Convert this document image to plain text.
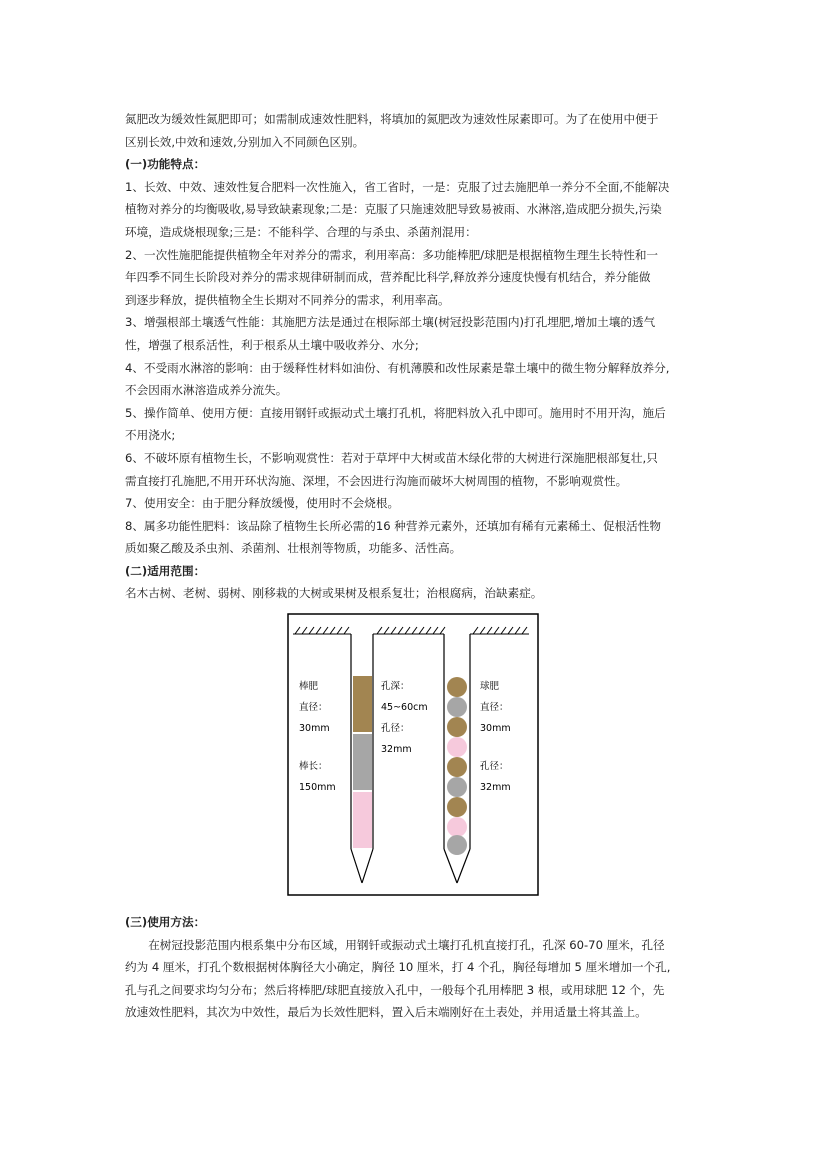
氮肥改为缓效性氮肥即可；如需制成速效性肥料，将填加的氮肥改为速效性尿素即可。为了在使用中便于

区别长效,中效和速效,分别加入不同颜色区别。

(一)功能特点：

1、长效、中效、速效性复合肥料一次性施入，省工省时，一是：克服了过去施肥单一养分不全面,不能解决

植物对养分的均衡吸收,易导致缺素现象;二是：克服了只施速效肥导致易被雨、水淋溶,造成肥分损失,污染

环境，造成烧根现象;三是：不能科学、合理的与杀虫、杀菌剂混用：

2、一次性施肥能提供植物全年对养分的需求，利用率高：多功能棒肥/球肥是根据植物生理生长特性和一

年四季不同生长阶段对养分的需求规律研制而成，营养配比科学,释放养分速度快慢有机结合，养分能做

到逐步释放，提供植物全生长期对不同养分的需求，利用率高。

3、增强根部土壤透气性能：其施肥方法是通过在根际部土壤(树冠投影范围内)打孔埋肥,增加土壤的透气

性，增强了根系活性，利于根系从土壤中吸收养分、水分;

4、不受雨水淋溶的影响：由于缓释性材料如油份、有机薄膜和改性尿素是靠土壤中的微生物分解释放养分,

不会因雨水淋溶造成养分流失。

5、操作简单、使用方便：直接用钢钎或振动式土壤打孔机，将肥料放入孔中即可。施用时不用开沟，施后

不用浇水;

6、不破坏原有植物生长，不影响观赏性：若对于草坪中大树或苗木绿化带的大树进行深施肥根部复壮,只

需直接打孔施肥,不用开环状沟施、深埋，不会因进行沟施而破坏大树周围的植物，不影响观赏性。

7、使用安全：由于肥分释放缓慢，使用时不会烧根。

8、属多功能性肥料：该品除了植物生长所必需的16 种营养元素外，还填加有稀有元素稀土、促根活性物

质如聚乙酸及杀虫剂、杀菌剂、壮根剂等物质，功能多、活性高。

(二)适用范围：

名木古树、老树、弱树、刚移栽的大树或果树及根系复壮；治根腐病，治缺素症。

棒肥
直径：
30mm
棒长：
150mm
孔深：
45~60cm
孔径：
32mm
球肥
直径：
30mm
孔径：
32mm

(三)使用方法：

在树冠投影范围内根系集中分布区域，用钢钎或振动式土壤打孔机直接打孔，孔深 60-70 厘米，孔径

约为 4 厘米，打孔个数根据树体胸径大小确定，胸径 10 厘米，打 4 个孔，胸径每增加 5 厘米增加一个孔,

孔与孔之间要求均匀分布；然后将棒肥/球肥直接放入孔中，一般每个孔用棒肥 3 根，或用球肥 12 个，先

放速效性肥料，其次为中效性，最后为长效性肥料，置入后末端刚好在土表处，并用适量土将其盖上。
